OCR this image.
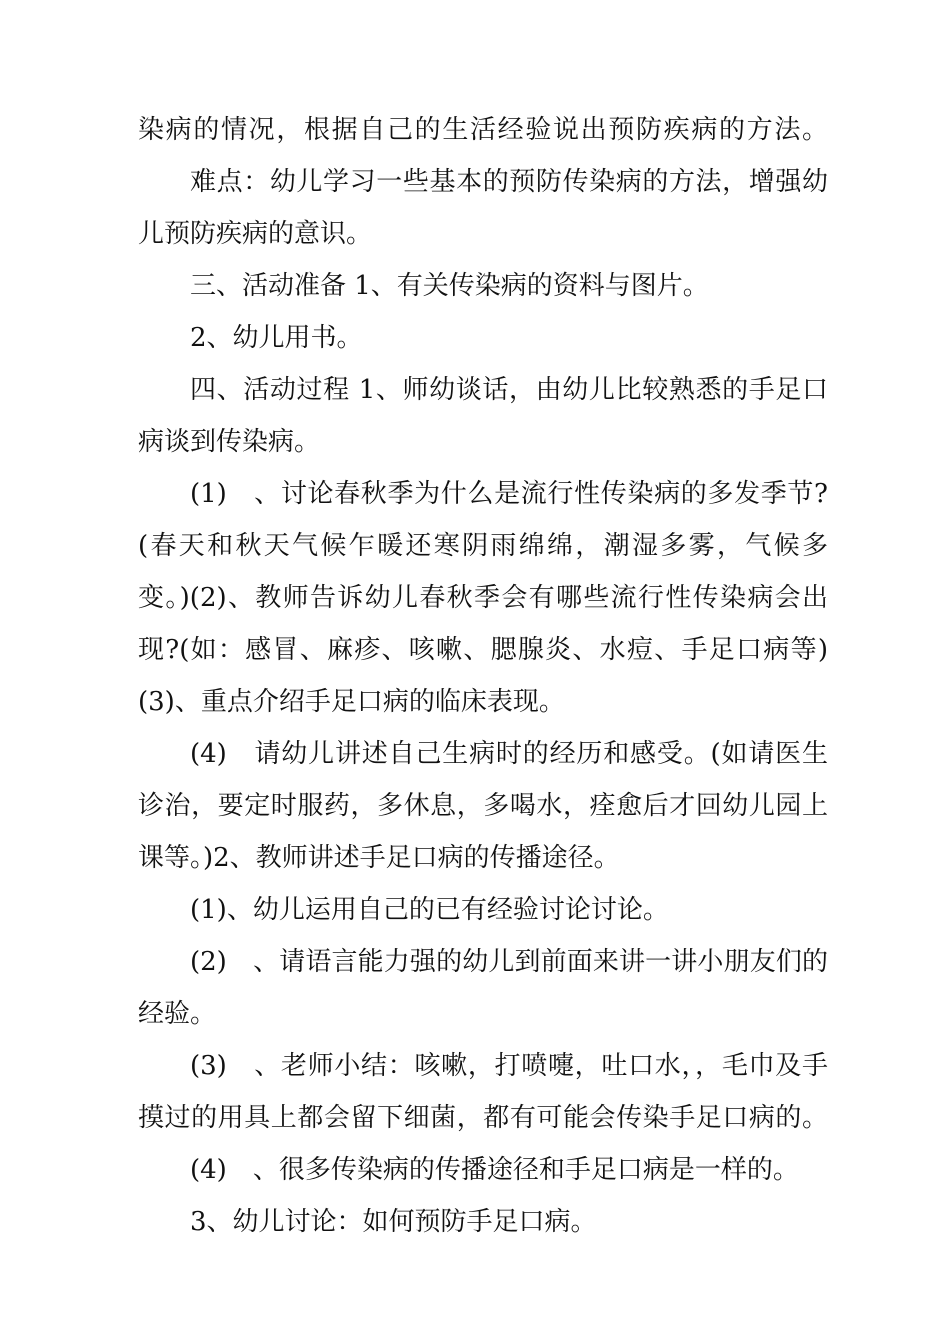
染病的情况，根据自己的生活经验说出预防疾病的方法。
难点：幼儿学习一些基本的预防传染病的方法，增强幼
儿预防疾病的意识。
三、活动准备 1、有关传染病的资料与图片。
2、幼儿用书。
四、活动过程 1、师幼谈话，由幼儿比较熟悉的手足口
病谈到传染病。
(1)　、讨论春秋季为什么是流行性传染病的多发季节?
(春天和秋天气候乍暖还寒阴雨绵绵，潮湿多雾，气候多
变。)(2)、教师告诉幼儿春秋季会有哪些流行性传染病会出
现?(如：感冒、麻疹、咳嗽、腮腺炎、水痘、手足口病等)
(3)、重点介绍手足口病的临床表现。
(4)　请幼儿讲述自己生病时的经历和感受。(如请医生
诊治，要定时服药，多休息，多喝水，痊愈后才回幼儿园上
课等。)2、教师讲述手足口病的传播途径。
(1)、幼儿运用自己的已有经验讨论讨论。
(2)　、请语言能力强的幼儿到前面来讲一讲小朋友们的
经验。
(3)　、老师小结：咳嗽，打喷嚏，吐口水，，毛巾及手
摸过的用具上都会留下细菌，都有可能会传染手足口病的。
(4)　、很多传染病的传播途径和手足口病是一样的。
3、幼儿讨论：如何预防手足口病。
